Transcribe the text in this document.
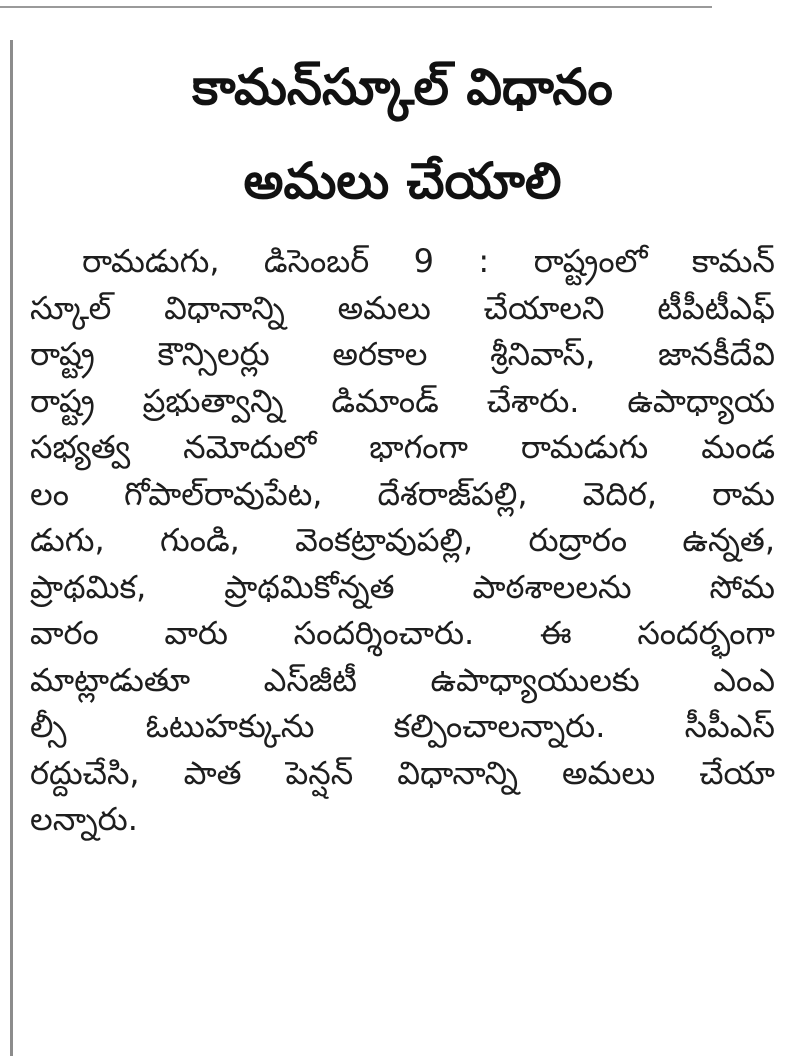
కామన్‌స్కూల్ విధానం
అమలు చేయాలి
రామడుగు, డిసెంబర్ 9 : రాష్ట్రంలో కామన్
స్కూల్ విధానాన్ని అమలు చేయాలని టీపీటీఎఫ్
రాష్ట్ర కౌన్సిలర్లు అరకాల శ్రీనివాస్, జానకీదేవి
రాష్ట్ర ప్రభుత్వాన్ని డిమాండ్ చేశారు. ఉపాధ్యాయ
సభ్యత్వ నమోదులో భాగంగా రామడుగు మండ
లం గోపాల్‌రావుపేట, దేశరాజ్‌పల్లి, వెదిర, రామ
డుగు, గుండి, వెంకట్రావుపల్లి, రుద్రారం ఉన్నత,
ప్రాథమిక, ప్రాథమికోన్నత పాఠశాలలను సోమ
వారం వారు సందర్శించారు. ఈ సందర్భంగా
మాట్లాడుతూ ఎస్‌జీటీ ఉపాధ్యాయులకు ఎంఎ
ల్సీ ఓటుహక్కును కల్పించాలన్నారు. సీపీఎస్
రద్దుచేసి, పాత పెన్షన్ విధానాన్ని అమలు చేయా
లన్నారు.
